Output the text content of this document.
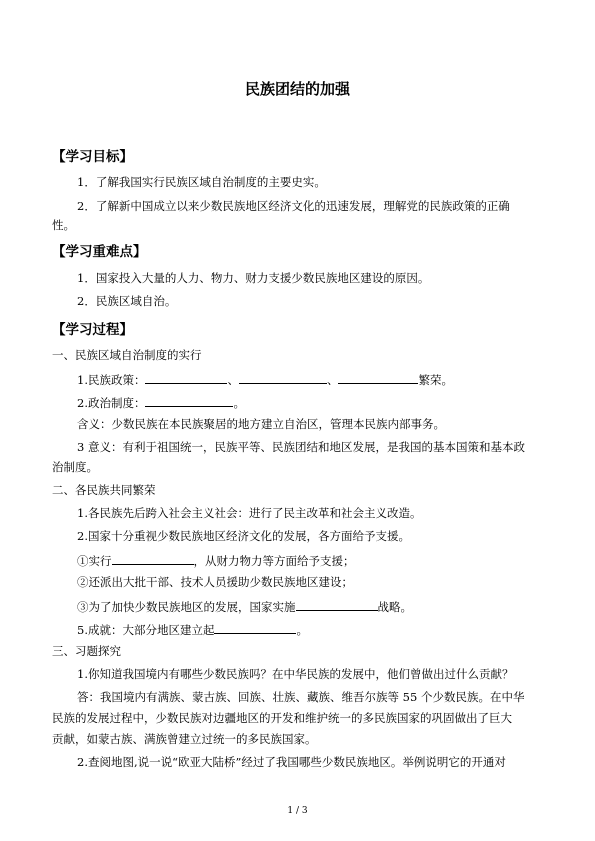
民族团结的加强
【学习目标】
1．了解我国实行民族区域自治制度的主要史实。
2．了解新中国成立以来少数民族地区经济文化的迅速发展，理解党的民族政策的正确
性。
【学习重难点】
1．国家投入大量的人力、物力、财力支援少数民族地区建设的原因。
2．民族区域自治。
【学习过程】
一、民族区域自治制度的实行
1.民族政策：	、	、	繁荣。
2.政治制度：	。
含义：少数民族在本民族聚居的地方建立自治区，管理本民族内部事务。
3 意义：有利于祖国统一，民族平等、民族团结和地区发展，是我国的基本国策和基本政
治制度。
二、各民族共同繁荣
1.各民族先后跨入社会主义社会：进行了民主改革和社会主义改造。
2.国家十分重视少数民族地区经济文化的发展，各方面给予支援。
①实行	，从财力物力等方面给予支援；
②还派出大批干部、技术人员援助少数民族地区建设；
③为了加快少数民族地区的发展，国家实施	战略。
5.成就：大部分地区建立起	。
三、习题探究
1.你知道我国境内有哪些少数民族吗？在中华民族的发展中，他们曾做出过什么贡献？
答：我国境内有满族、蒙古族、回族、壮族、藏族、维吾尔族等 55 个少数民族。在中华
民族的发展过程中，少数民族对边疆地区的开发和维护统一的多民族国家的巩固做出了巨大
贡献，如蒙古族、满族曾建立过统一的多民族国家。
2.查阅地图,说一说“欧亚大陆桥”经过了我国哪些少数民族地区。举例说明它的开通对
1 / 3
